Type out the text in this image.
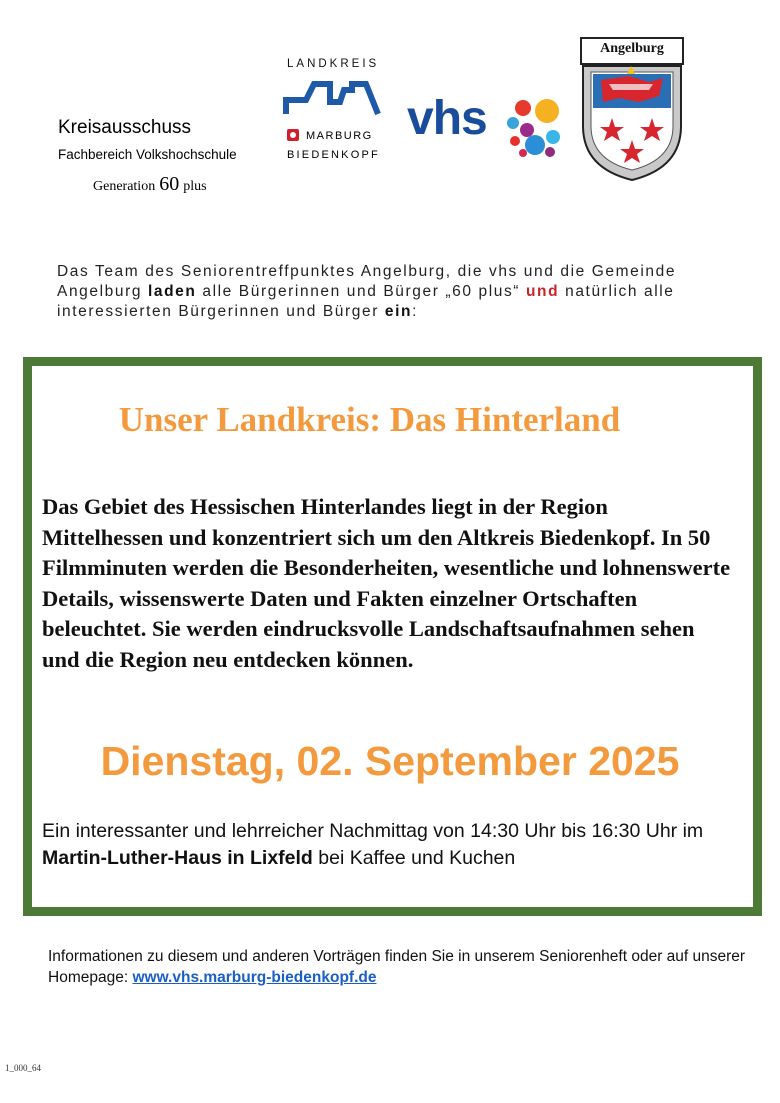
Kreisausschuss
Fachbereich Volkshochschule
Generation 60 plus
LANDKREIS
MARBURG
BIEDENKOPF
vhs
Angelburg
Das Team des Seniorentreffpunktes Angelburg, die vhs und die Gemeinde Angelburg laden alle Bürgerinnen und Bürger „60 plus“ und natürlich alle interessierten Bürgerinnen und Bürger ein:
Unser Landkreis: Das Hinterland
Das Gebiet des Hessischen Hinterlandes liegt in der Region Mittelhessen und konzentriert sich um den Altkreis Biedenkopf. In 50 Filmminuten werden die Besonderheiten, wesentliche und lohnenswerte Details, wissenswerte Daten und Fakten einzelner Ortschaften beleuchtet. Sie werden eindrucksvolle Landschaftsaufnahmen sehen und die Region neu entdecken können.
Dienstag, 02. September 2025
Ein interessanter und lehrreicher Nachmittag von 14:30 Uhr bis 16:30 Uhr im Martin-Luther-Haus in Lixfeld bei Kaffee und Kuchen
Informationen zu diesem und anderen Vorträgen finden Sie in unserem Seniorenheft oder auf unserer Homepage: www.vhs.marburg-biedenkopf.de
1_000_64
